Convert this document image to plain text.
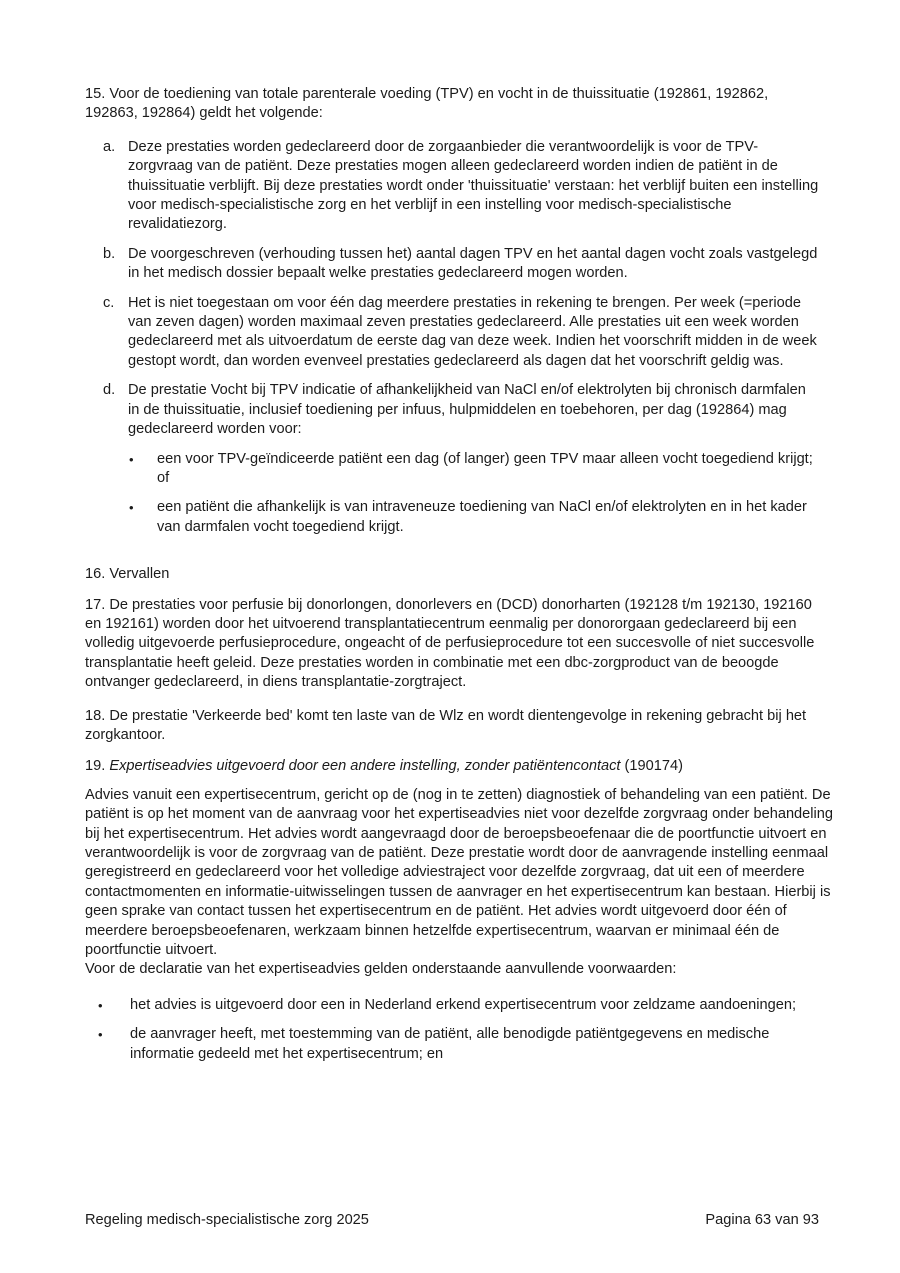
15. Voor de toediening van totale parenterale voeding (TPV) en vocht in de thuissituatie (192861, 192862, 192863, 192864) geldt het volgende:

a. Deze prestaties worden gedeclareerd door de zorgaanbieder die verantwoordelijk is voor de TPV-zorgvraag van de patiënt. Deze prestaties mogen alleen gedeclareerd worden indien de patiënt in de thuissituatie verblijft. Bij deze prestaties wordt onder 'thuissituatie' verstaan: het verblijf buiten een instelling voor medisch-specialistische zorg en het verblijf in een instelling voor medisch-specialistische revalidatiezorg.
b. De voorgeschreven (verhouding tussen het) aantal dagen TPV en het aantal dagen vocht zoals vastgelegd in het medisch dossier bepaalt welke prestaties gedeclareerd mogen worden.
c. Het is niet toegestaan om voor één dag meerdere prestaties in rekening te brengen. Per week (=periode van zeven dagen) worden maximaal zeven prestaties gedeclareerd. Alle prestaties uit een week worden gedeclareerd met als uitvoerdatum de eerste dag van deze week. Indien het voorschrift midden in de week gestopt wordt, dan worden evenveel prestaties gedeclareerd als dagen dat het voorschrift geldig was.
d. De prestatie Vocht bij TPV indicatie of afhankelijkheid van NaCl en/of elektrolyten bij chronisch darmfalen in de thuissituatie, inclusief toediening per infuus, hulpmiddelen en toebehoren, per dag (192864) mag gedeclareerd worden voor:
•	een voor TPV-geïndiceerde patiënt een dag (of langer) geen TPV maar alleen vocht toegediend krijgt; of
•	een patiënt die afhankelijk is van intraveneuze toediening van NaCl en/of elektrolyten en in het kader van darmfalen vocht toegediend krijgt.

16. Vervallen

17. De prestaties voor perfusie bij donorlongen, donorlevers en (DCD) donorharten (192128 t/m 192130, 192160 en 192161) worden door het uitvoerend transplantatiecentrum eenmalig per donororgaan gedeclareerd bij een volledig uitgevoerde perfusieprocedure, ongeacht of de perfusieprocedure tot een succesvolle of niet succesvolle transplantatie heeft geleid. Deze prestaties worden in combinatie met een dbc-zorgproduct van de beoogde ontvanger gedeclareerd, in diens transplantatie-zorgtraject.

18. De prestatie 'Verkeerde bed' komt ten laste van de Wlz en wordt dientengevolge in rekening gebracht bij het zorgkantoor.

19. Expertiseadvies uitgevoerd door een andere instelling, zonder patiëntencontact (190174)

Advies vanuit een expertisecentrum, gericht op de (nog in te zetten) diagnostiek of behandeling van een patiënt. De patiënt is op het moment van de aanvraag voor het expertiseadvies niet voor dezelfde zorgvraag onder behandeling bij het expertisecentrum. Het advies wordt aangevraagd door de beroepsbeoefenaar die de poortfunctie uitvoert en verantwoordelijk is voor de zorgvraag van de patiënt. Deze prestatie wordt door de aanvragende instelling eenmaal geregistreerd en gedeclareerd voor het volledige adviestraject voor dezelfde zorgvraag, dat uit een of meerdere contactmomenten en informatie-uitwisselingen tussen de aanvrager en het expertisecentrum kan bestaan. Hierbij is geen sprake van contact tussen het expertisecentrum en de patiënt. Het advies wordt uitgevoerd door één of meerdere beroepsbeoefenaren, werkzaam binnen hetzelfde expertisecentrum, waarvan er minimaal één de poortfunctie uitvoert.
Voor de declaratie van het expertiseadvies gelden onderstaande aanvullende voorwaarden:
•	het advies is uitgevoerd door een in Nederland erkend expertisecentrum voor zeldzame aandoeningen;
•	de aanvrager heeft, met toestemming van de patiënt, alle benodigde patiëntgegevens en medische informatie gedeeld met het expertisecentrum; en
Regeling medisch-specialistische zorg 2025	Pagina 63 van 93
